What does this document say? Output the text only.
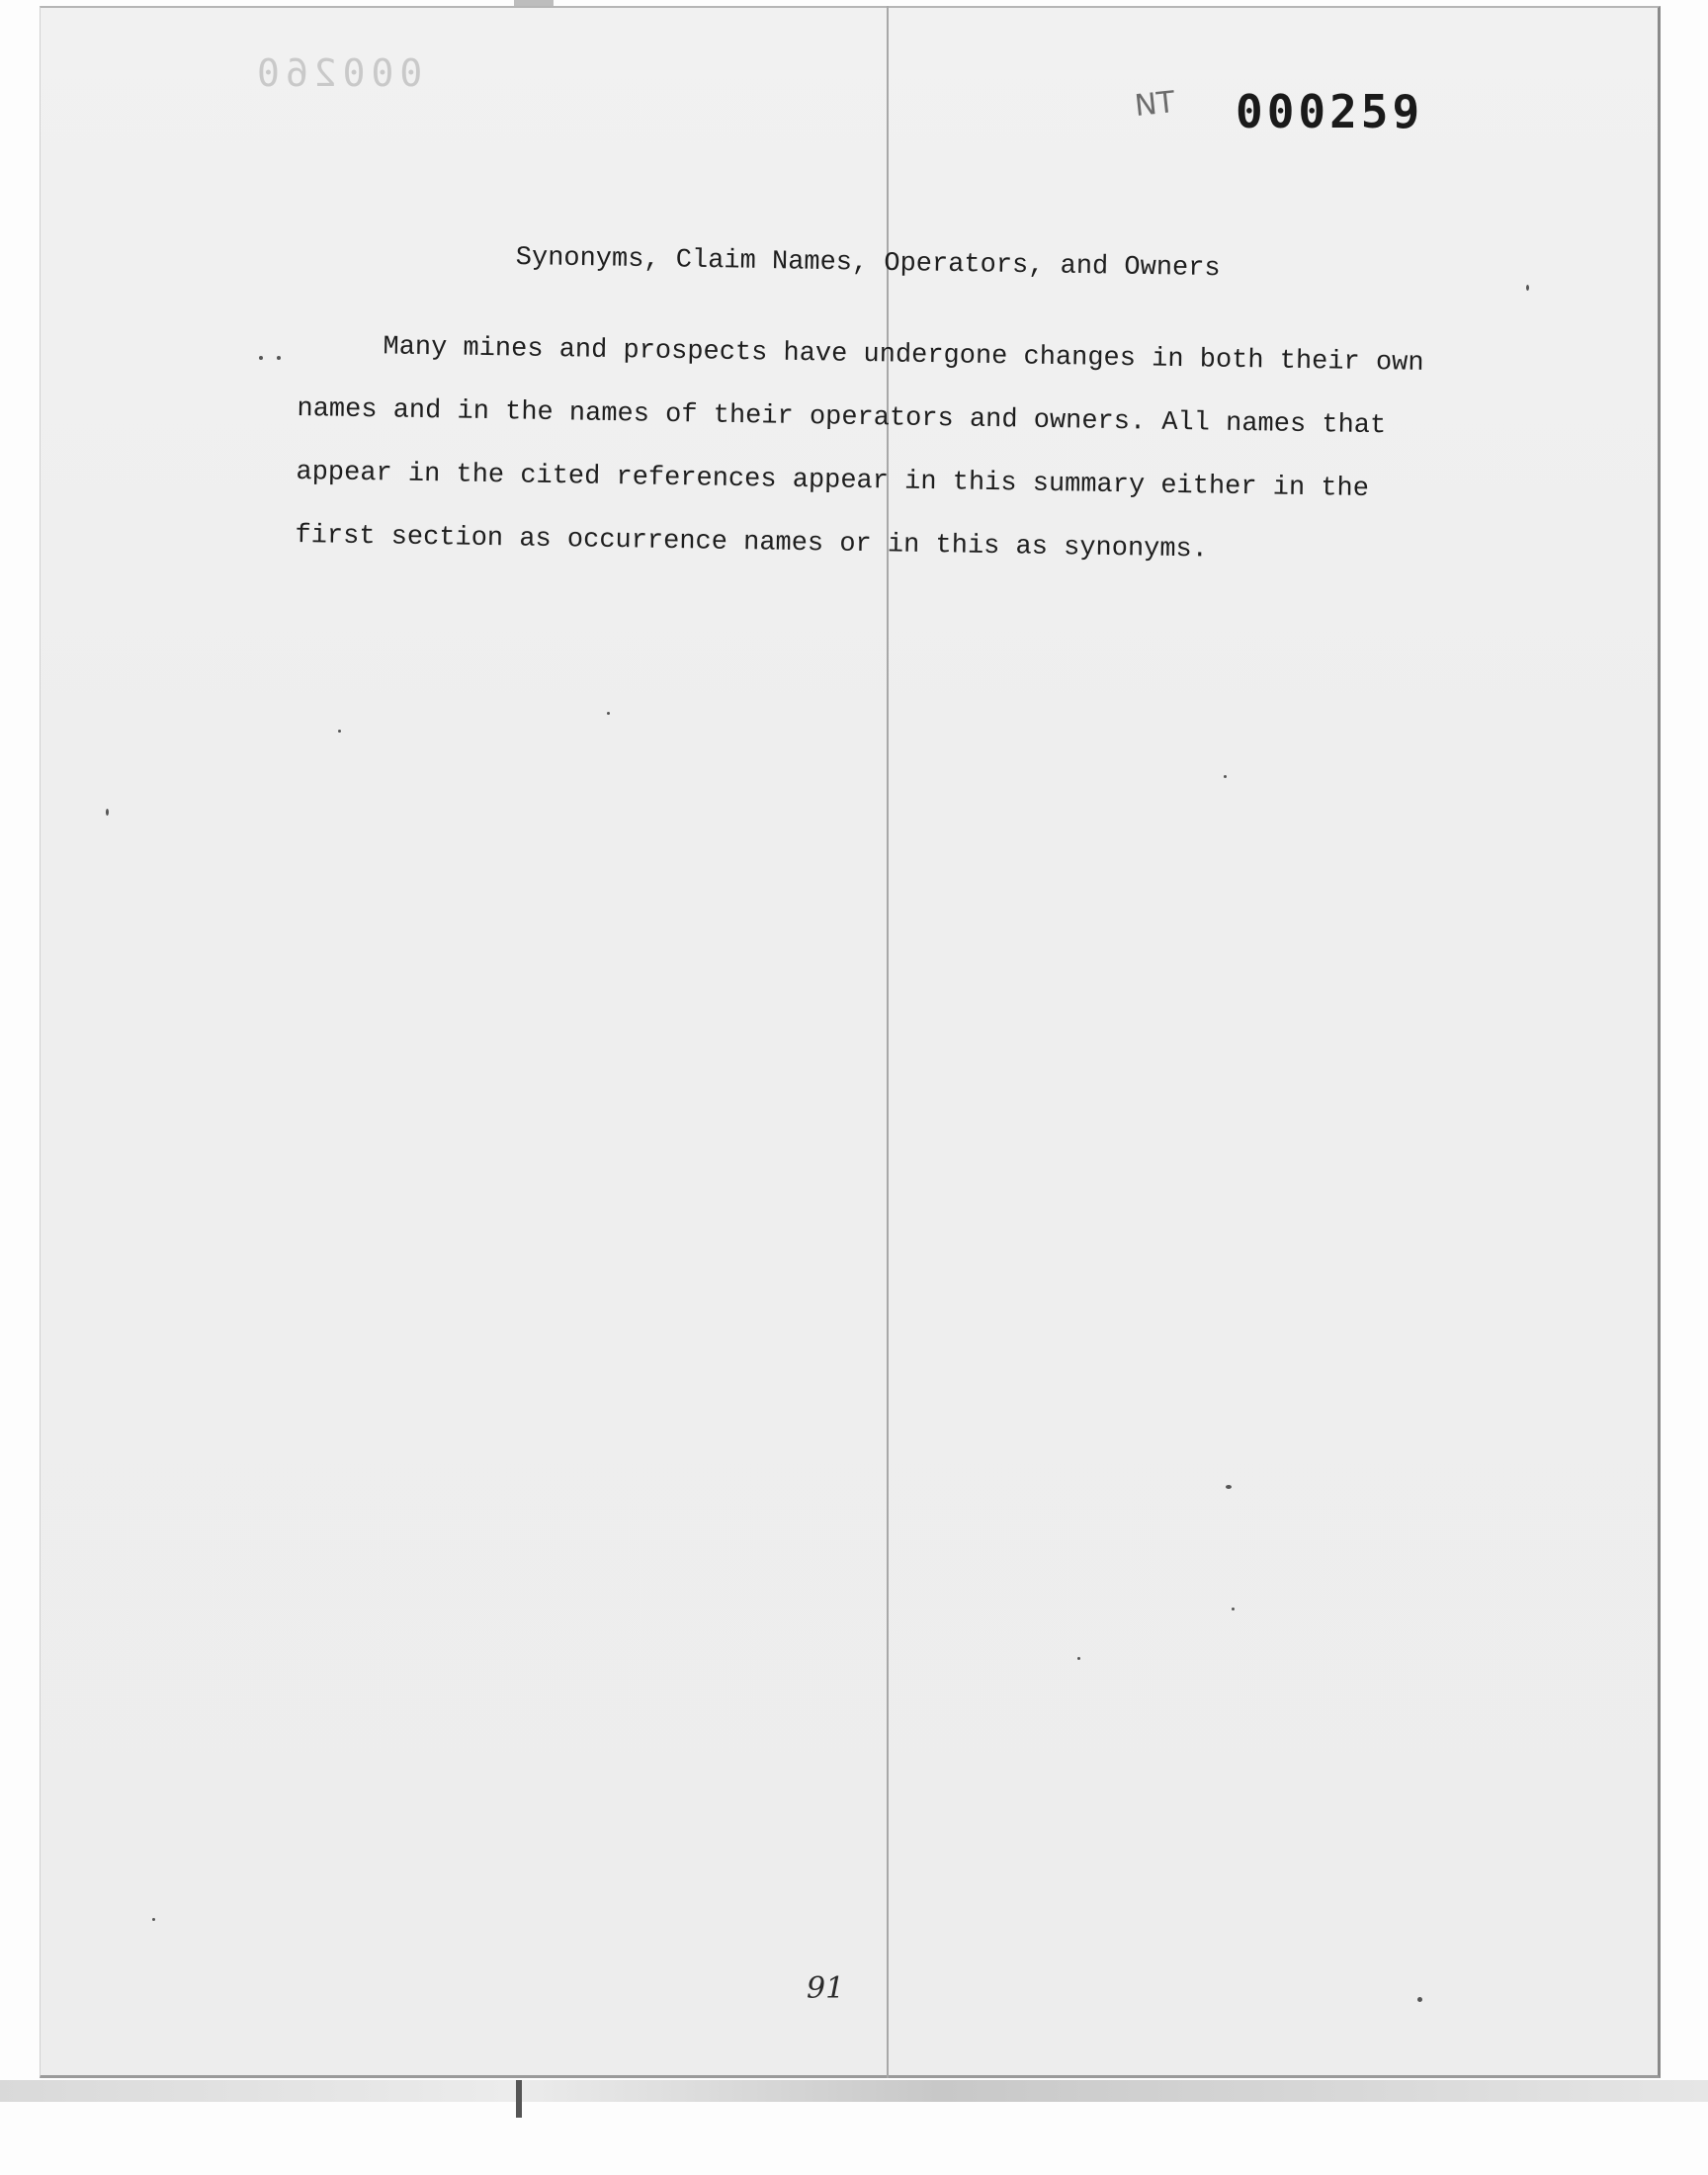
000260
NT 000259
Synonyms, Claim Names, Operators, and Owners
Many mines and prospects have undergone changes in both their own
names and in the names of their operators and owners. All names that
appear in the cited references appear in this summary either in the
first section as occurrence names or in this as synonyms.
91
